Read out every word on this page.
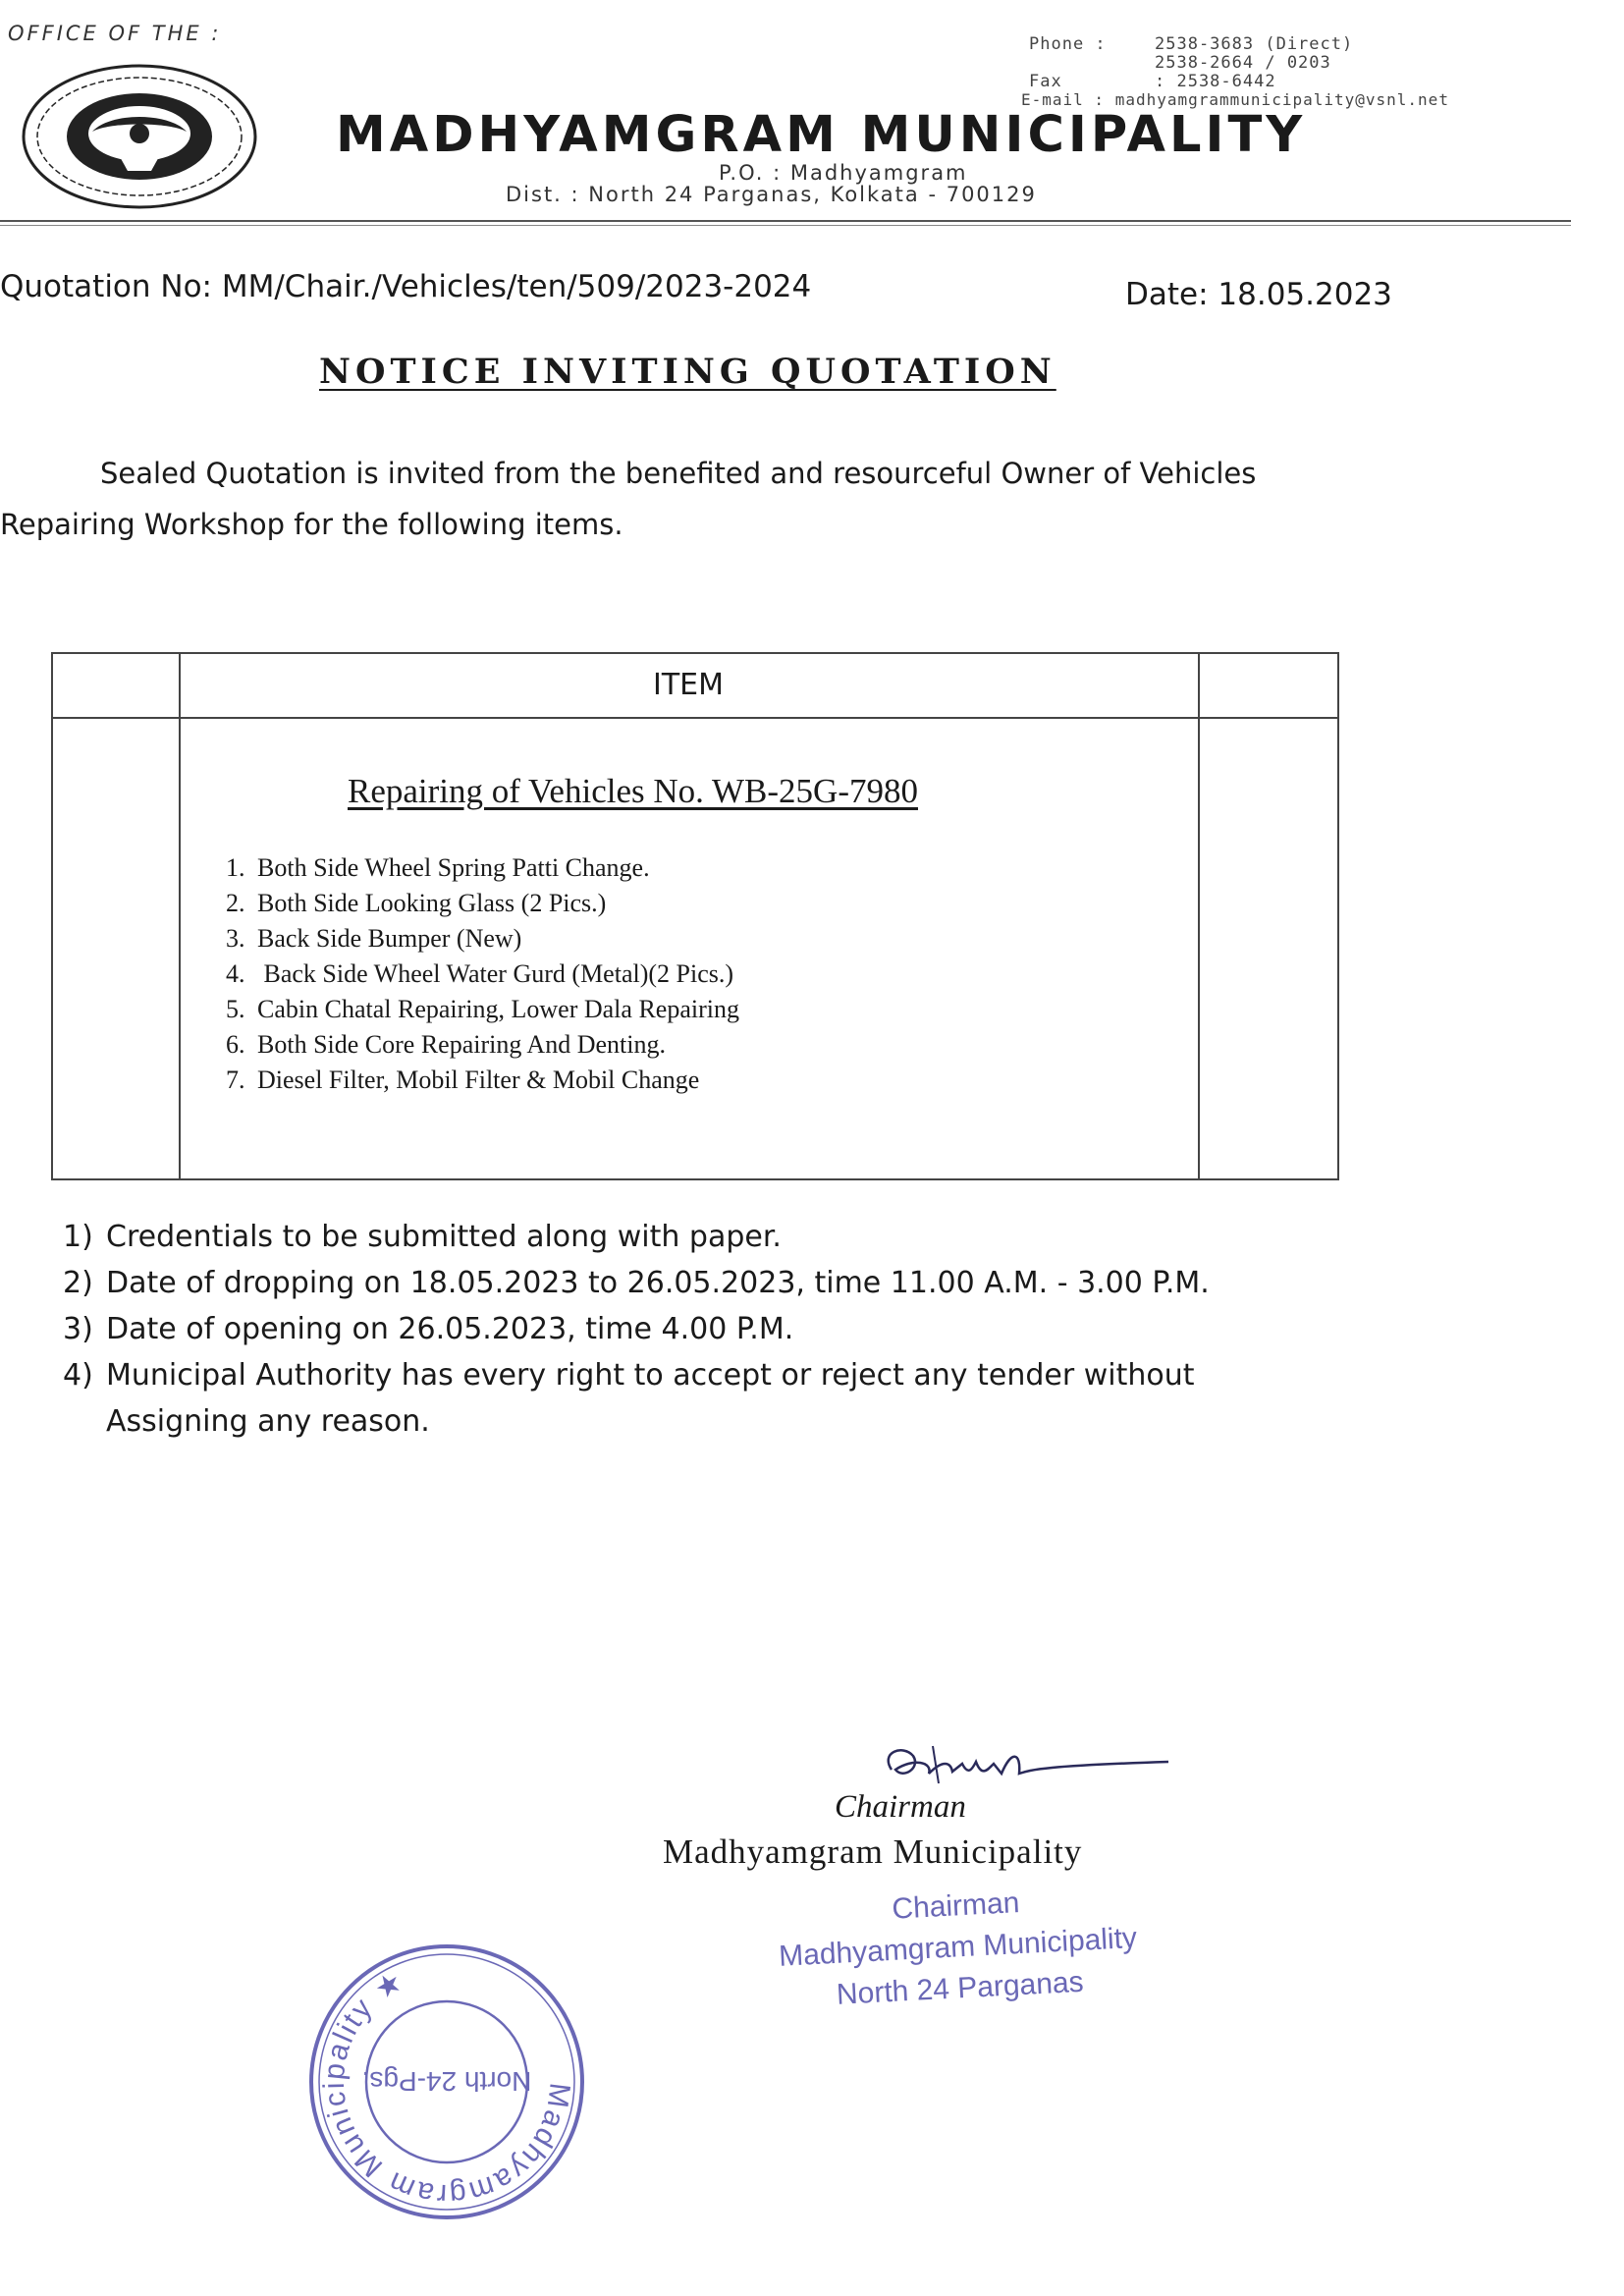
OFFICE OF THE :	Phone :	2538-3683 (Direct)
2538-2664 / 0203
Fax	: 2538-6442
E-mail : madhyamgrammunicipality@vsnl.net
MADHYAMGRAM MUNICIPALITY
P.O. : Madhyamgram
Dist. : North 24 Parganas, Kolkata - 700129
Quotation No: MM/Chair./Vehicles/ten/509/2023-2024	Date: 18.05.2023
NOTICE INVITING QUOTATION
Sealed Quotation is invited from the benefited and resourceful Owner of Vehicles
Repairing Workshop for the following items.
ITEM
Repairing of Vehicles No. WB-25G-7980
1. Both Side Wheel Spring Patti Change.
2. Both Side Looking Glass (2 Pics.)
3. Back Side Bumper (New)
4. Back Side Wheel Water Gurd (Metal)(2 Pics.)
5. Cabin Chatal Repairing, Lower Dala Repairing
6. Both Side Core Repairing And Denting.
7. Diesel Filter, Mobil Filter & Mobil Change
1) Credentials to be submitted along with paper.
2) Date of dropping on 18.05.2023 to 26.05.2023, time 11.00 A.M. - 3.00 P.M.
3) Date of opening on 26.05.2023, time 4.00 P.M.
4) Municipal Authority has every right to accept or reject any tender without
Assigning any reason.
Chairman
Madhyamgram Municipality
Chairman
Madhyamgram Municipality
North 24 Parganas
Madhyamgram Municipality ★
North 24-Pgs.
